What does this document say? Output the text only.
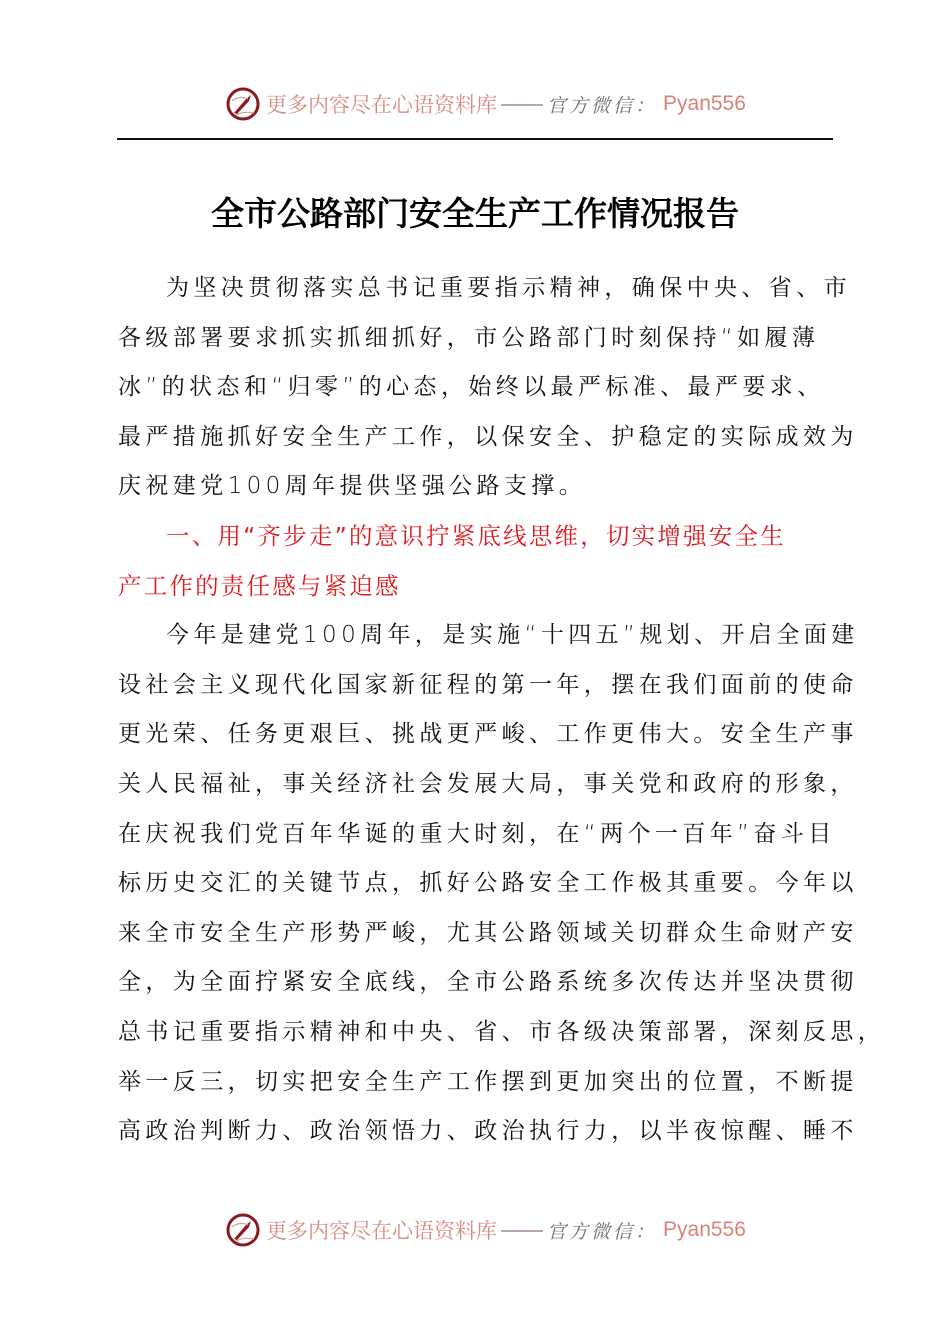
更多内容尽在心语资料库	官方微信： Pyan556
全市公路部门安全生产工作情况报告
为坚决贯彻落实总书记重要指示精神，确保中央、省、市
各级部署要求抓实抓细抓好，市公路部门时刻保持“如履薄
冰”的状态和“归零”的心态，始终以最严标准、最严要求、
最严措施抓好安全生产工作，以保安全、护稳定的实际成效为
庆祝建党100周年提供坚强公路支撑。
一、用“齐步走”的意识拧紧底线思维，切实增强安全生
产工作的责任感与紧迫感
今年是建党100周年，是实施“十四五”规划、开启全面建
设社会主义现代化国家新征程的第一年，摆在我们面前的使命
更光荣、任务更艰巨、挑战更严峻、工作更伟大。安全生产事
关人民福祉，事关经济社会发展大局，事关党和政府的形象，
在庆祝我们党百年华诞的重大时刻，在“两个一百年”奋斗目
标历史交汇的关键节点，抓好公路安全工作极其重要。今年以
来全市安全生产形势严峻，尤其公路领域关切群众生命财产安
全，为全面拧紧安全底线，全市公路系统多次传达并坚决贯彻
总书记重要指示精神和中央、省、市各级决策部署，深刻反思，
举一反三，切实把安全生产工作摆到更加突出的位置，不断提
高政治判断力、政治领悟力、政治执行力，以半夜惊醒、睡不
更多内容尽在心语资料库	官方微信： Pyan556
